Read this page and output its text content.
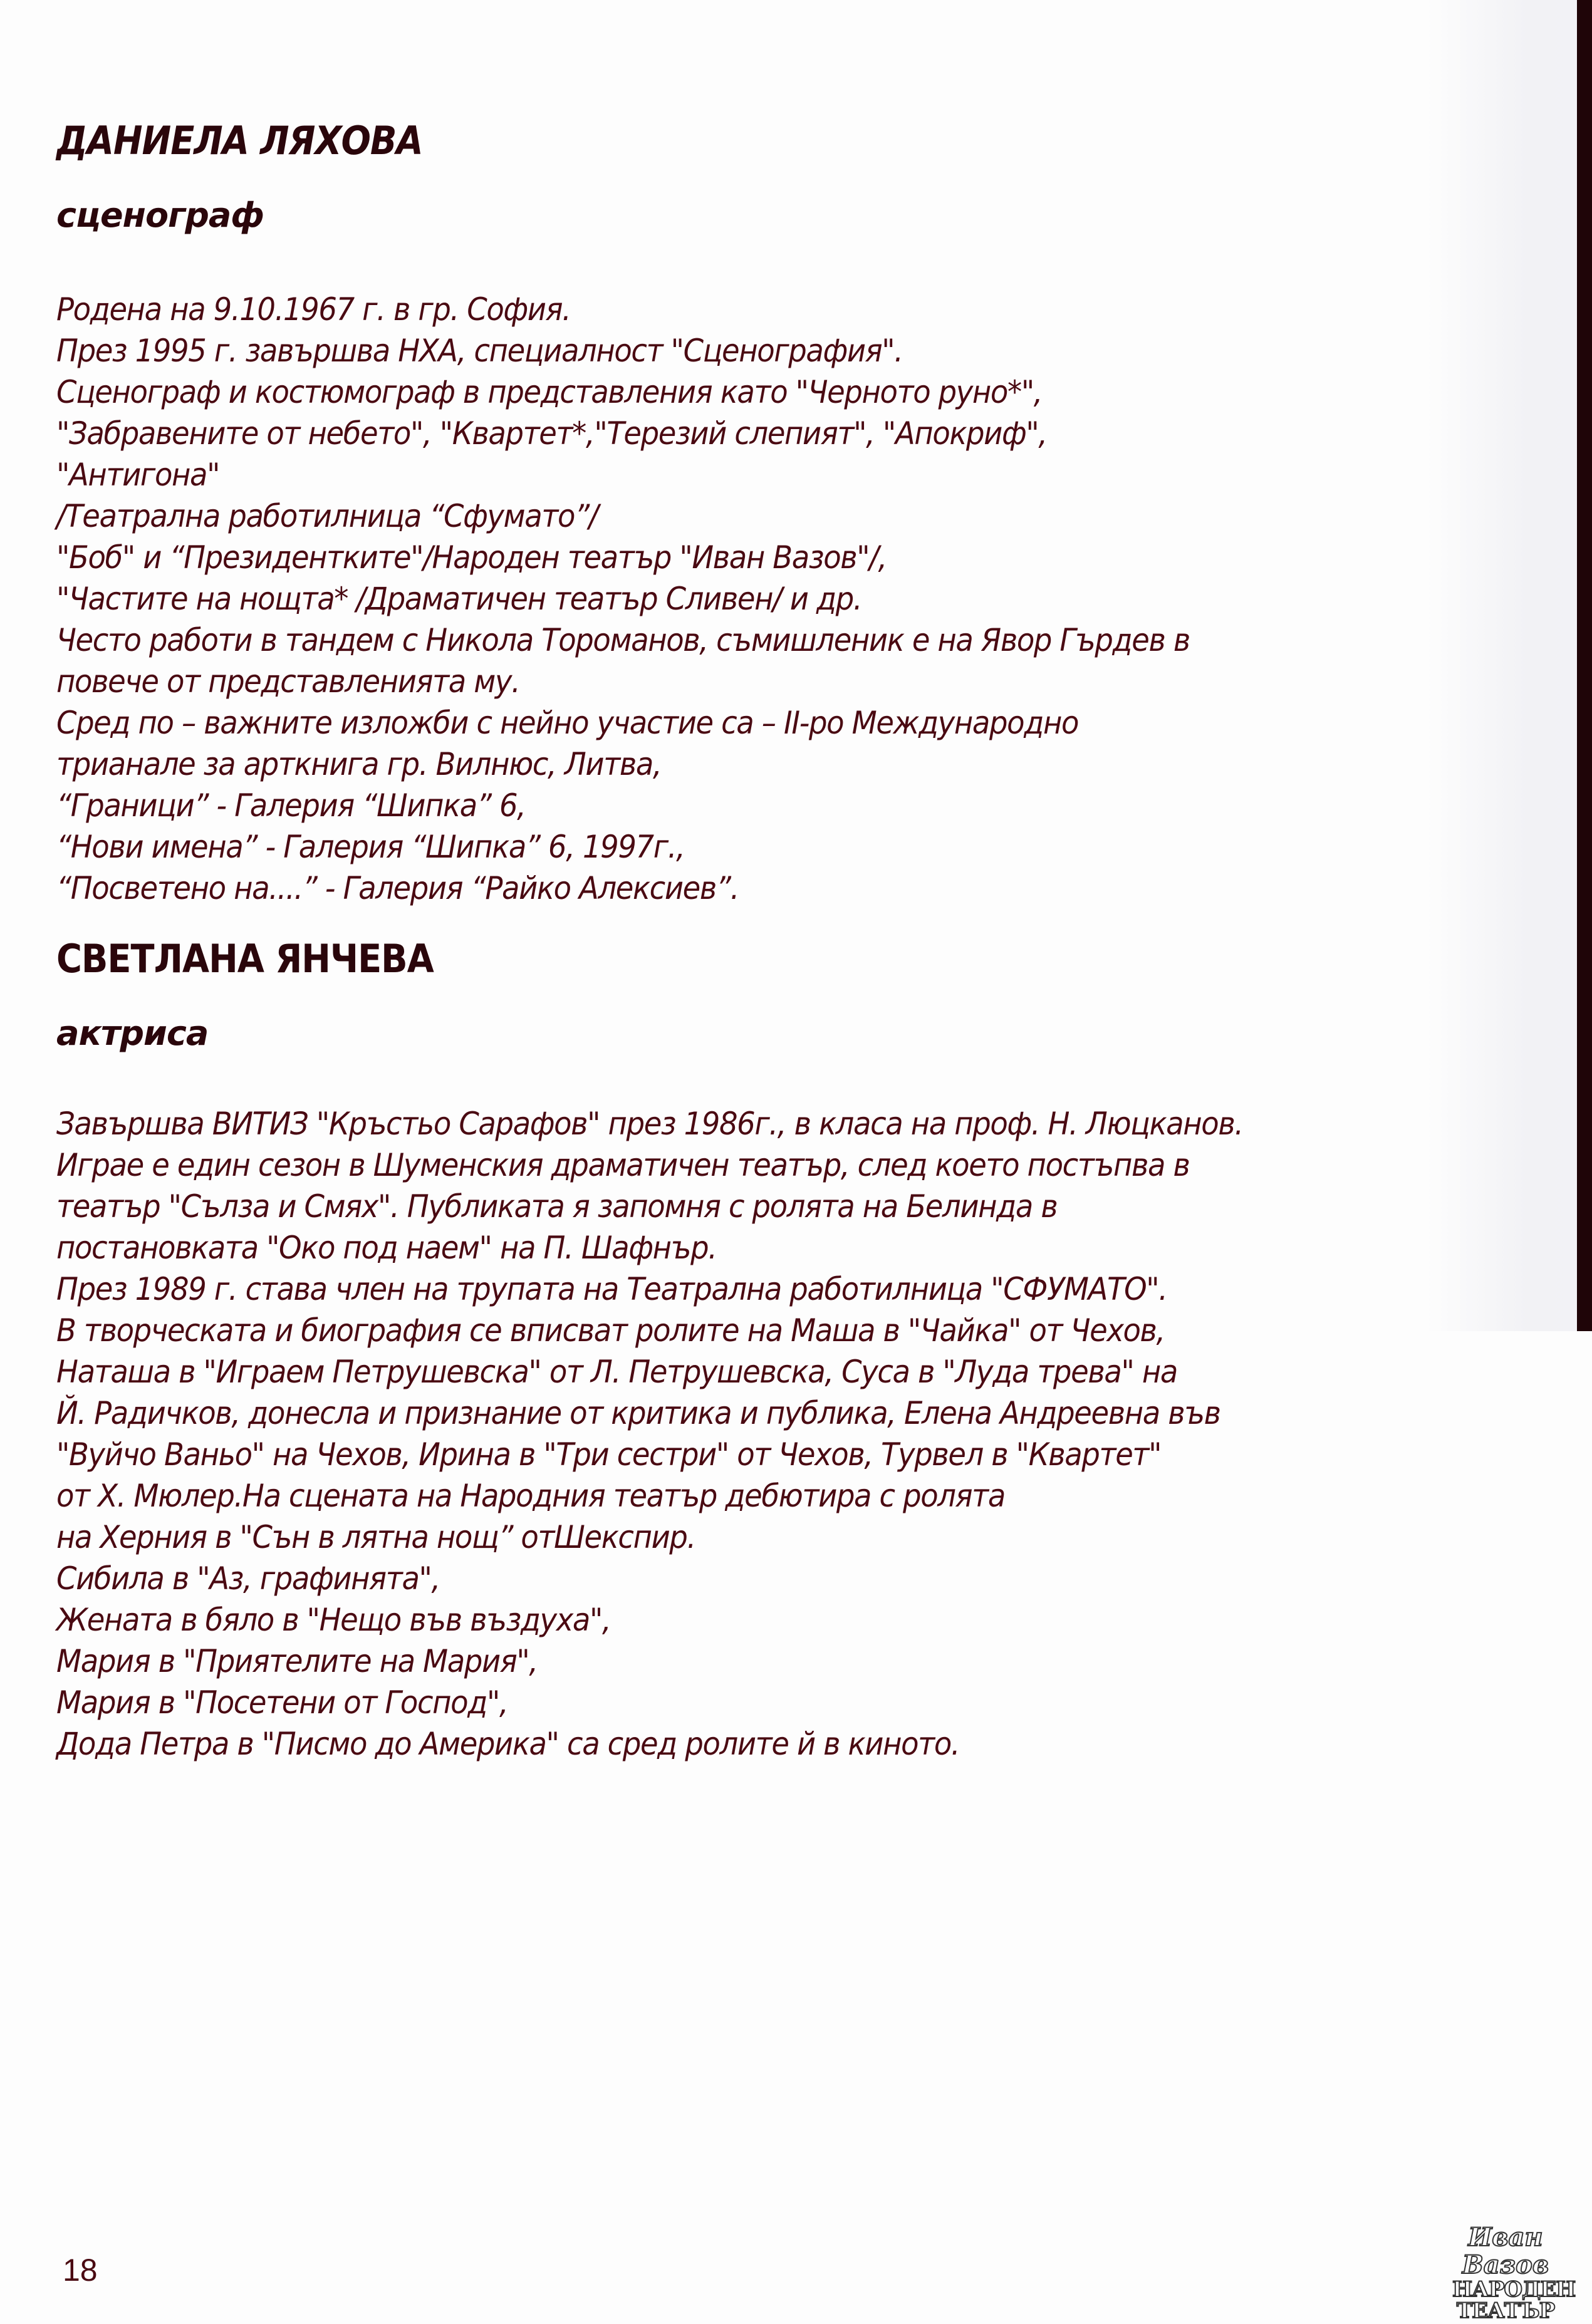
ДАНИЕЛА ЛЯХОВА
сценограф
Родена на 9.10.1967 г. в гр. София.
През 1995 г. завършва НХА, специалност "Сценография".
Сценограф и костюмограф в представления като "Черното руно*",
"Забравените от небето", "Квартет*,"Терезий слепият", "Апокриф",
"Антигона"
/Театрална работилница “Сфумато”/
"Боб" и “Президентките"/Народен театър "Иван Вазов"/,
"Частите на нощта* /Драматичен театър Сливен/ и др.
Често работи в тандем с Никола Тороманов, съмишленик е на Явор Гърдев в
повече от представленията му.
Сред по – важните изложби с нейно участие са – II-ро Международно
трианале за арткнига гр. Вилнюс, Литва,
“Граници” - Галерия “Шипка” 6,
“Нови имена” - Галерия “Шипка” 6, 1997г.,
“Посветено на....” - Галерия “Райко Алексиев”.
СВЕТЛАНА ЯНЧЕВА
актриса
Завършва ВИТИЗ "Кръстьо Сарафов" през 1986г., в класа на проф. Н. Люцканов.
Играе е един сезон в Шуменския драматичен театър, след което постъпва в
театър "Сълза и Смях". Публиката я запомня с ролята на Белинда в
постановката "Око под наем" на П. Шафнър.
През 1989 г. става член на трупата на Театрална работилница "СФУМАТО".
В творческата и биография се вписват ролите на Маша в "Чайка" от Чехов,
Наташа в "Играем Петрушевска" от Л. Петрушевска, Суса в "Луда трева" на
Й. Радичков, донесла и признание от критика и публика, Елена Андреевна във
"Вуйчо Ваньо" на Чехов, Ирина в "Три сестри" от Чехов, Турвел в "Квартет"
от Х. Мюлер.На сцената на Народния театър дебютира с ролята
на Херния в "Сън в лятна нощ” отШекспир.
Сибила в "Аз, графинята",
Жената в бяло в "Нещо във въздуха",
Мария в "Приятелите на Мария",
Мария в "Посетени от Господ",
Дода Петра в "Писмо до Америка" са сред ролите й в киното.
18
Иван Вазов
НАРОДЕН
ТЕАТЪР
